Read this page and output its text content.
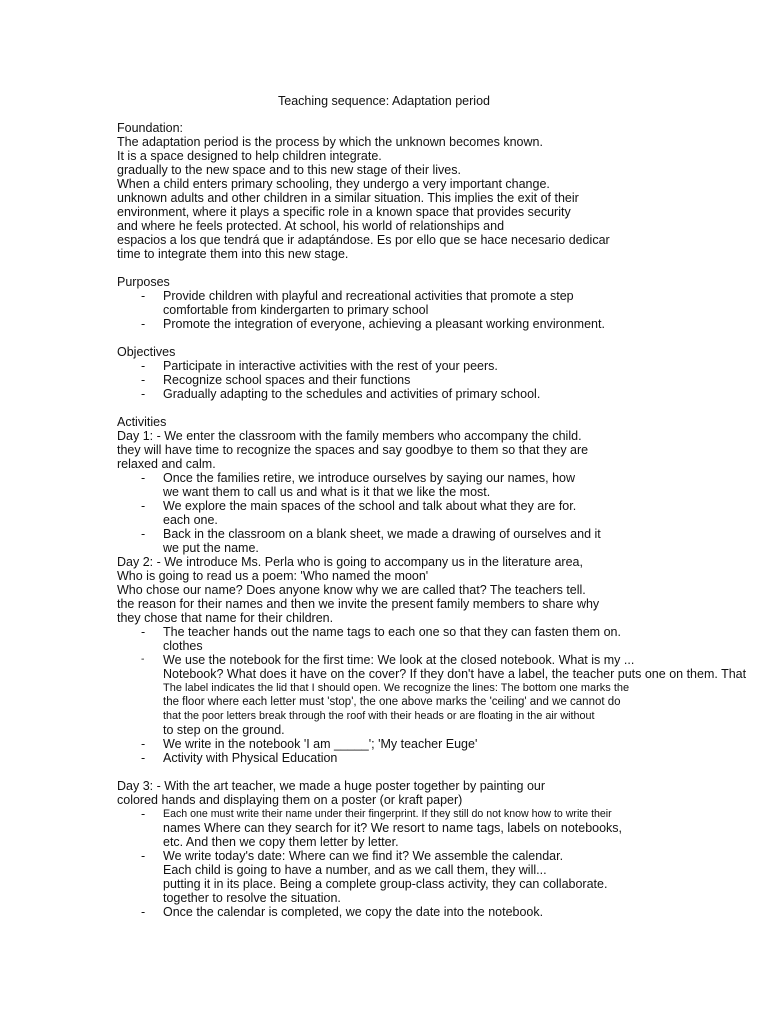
Teaching sequence: Adaptation period
Foundation:
The adaptation period is the process by which the unknown becomes known.
It is a space designed to help children integrate.
gradually to the new space and to this new stage of their lives.
When a child enters primary schooling, they undergo a very important change.
unknown adults and other children in a similar situation. This implies the exit of their
environment, where it plays a specific role in a known space that provides security
and where he feels protected. At school, his world of relationships and
espacios a los que tendrá que ir adaptándose. Es por ello que se hace necesario dedicar
time to integrate them into this new stage.
Purposes
- Provide children with playful and recreational activities that promote a step comfortable from kindergarten to primary school
- Promote the integration of everyone, achieving a pleasant working environment.
Objectives
- Participate in interactive activities with the rest of your peers.
- Recognize school spaces and their functions
- Gradually adapting to the schedules and activities of primary school.
Activities
Day 1: - We enter the classroom with the family members who accompany the child.
they will have time to recognize the spaces and say goodbye to them so that they are
relaxed and calm.
- Once the families retire, we introduce ourselves by saying our names, how we want them to call us and what is it that we like the most.
- We explore the main spaces of the school and talk about what they are for. each one.
- Back in the classroom on a blank sheet, we made a drawing of ourselves and it we put the name.
Day 2: - We introduce Ms. Perla who is going to accompany us in the literature area,
Who is going to read us a poem: 'Who named the moon'
Who chose our name? Does anyone know why we are called that? The teachers tell.
the reason for their names and then we invite the present family members to share why
they chose that name for their children.
- The teacher hands out the name tags to each one so that they can fasten them on. clothes
- We use the notebook for the first time: We look at the closed notebook. What is my ...
Notebook? What does it have on the cover? If they don't have a label, the teacher puts one on them. That
The label indicates the lid that I should open. We recognize the lines: The bottom one marks the
the floor where each letter must 'stop', the one above marks the 'ceiling' and we cannot do
that the poor letters break through the roof with their heads or are floating in the air without
to step on the ground.
- We write in the notebook 'I am _____'; 'My teacher Euge'
- Activity with Physical Education
Day 3: - With the art teacher, we made a huge poster together by painting our
colored hands and displaying them on a poster (or kraft paper)
- Each one must write their name under their fingerprint. If they still do not know how to write their
names Where can they search for it? We resort to name tags, labels on notebooks,
etc. And then we copy them letter by letter.
- We write today's date: Where can we find it? We assemble the calendar.
Each child is going to have a number, and as we call them, they will...
putting it in its place. Being a complete group-class activity, they can collaborate.
together to resolve the situation.
- Once the calendar is completed, we copy the date into the notebook.
